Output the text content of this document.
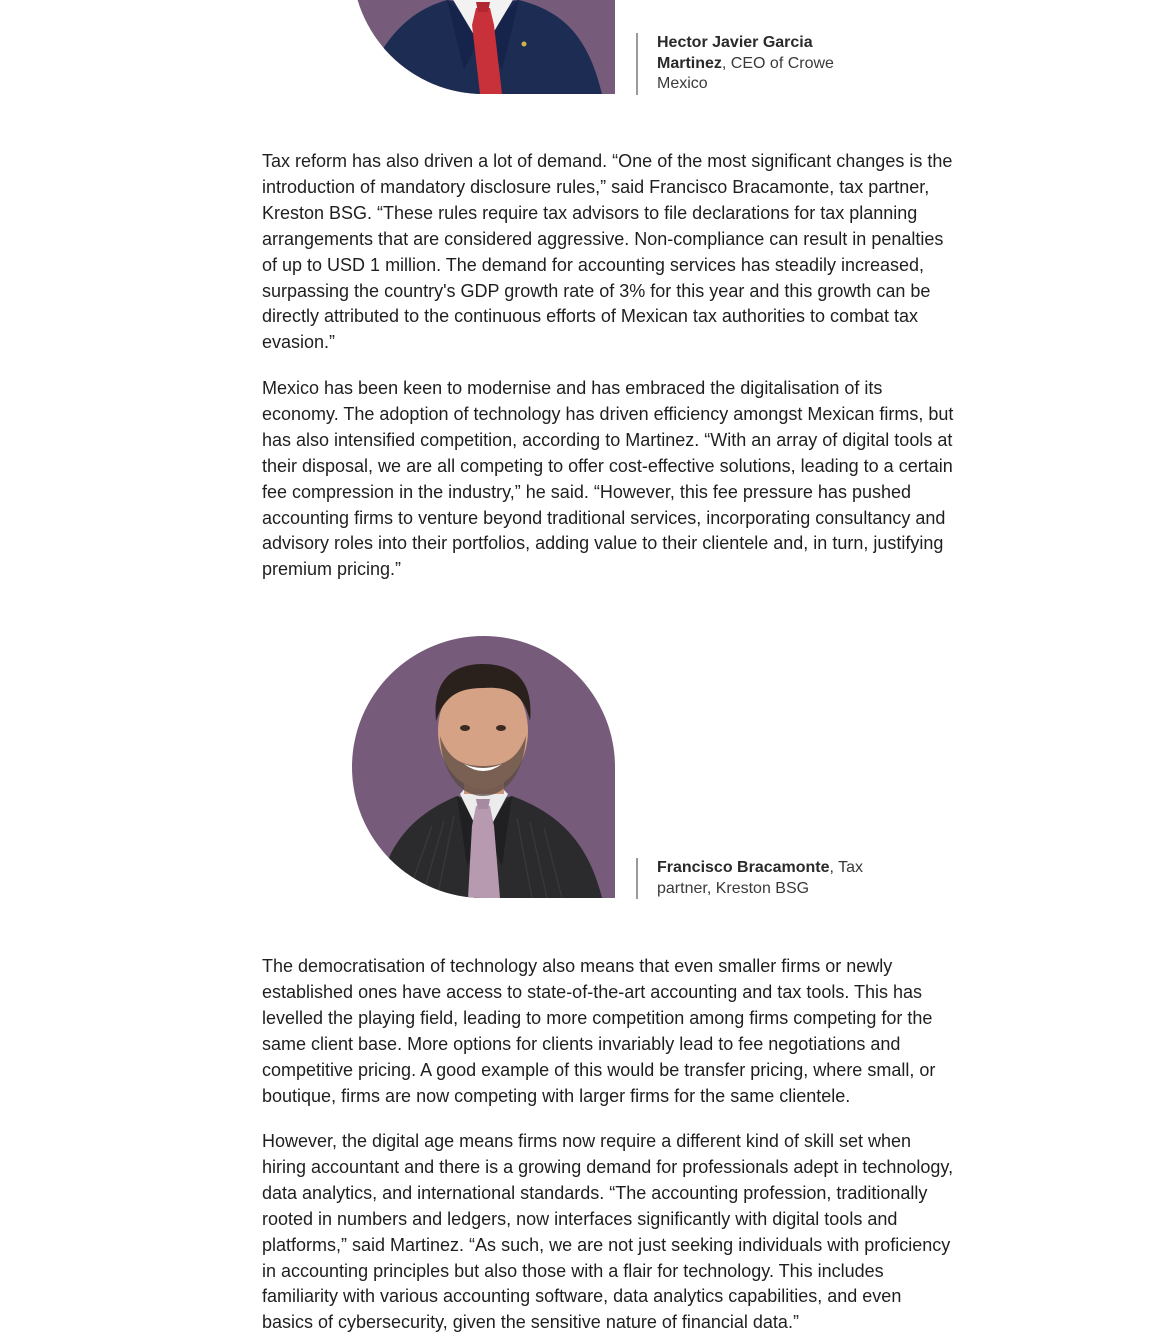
Hector Javier Garcia Martinez, CEO of Crowe Mexico

Tax reform has also driven a lot of demand. “One of the most significant changes is the introduction of mandatory disclosure rules,” said Francisco Bracamonte, tax partner, Kreston BSG. “These rules require tax advisors to file declarations for tax planning arrangements that are considered aggressive. Non-compliance can result in penalties of up to USD 1 million. The demand for accounting services has steadily increased, surpassing the country's GDP growth rate of 3% for this year and this growth can be directly attributed to the continuous efforts of Mexican tax authorities to combat tax evasion.”

Mexico has been keen to modernise and has embraced the digitalisation of its economy. The adoption of technology has driven efficiency amongst Mexican firms, but has also intensified competition, according to Martinez. “With an array of digital tools at their disposal, we are all competing to offer cost-effective solutions, leading to a certain fee compression in the industry,” he said. “However, this fee pressure has pushed accounting firms to venture beyond traditional services, incorporating consultancy and advisory roles into their portfolios, adding value to their clientele and, in turn, justifying premium pricing.”

Francisco Bracamonte, Tax partner, Kreston BSG

The democratisation of technology also means that even smaller firms or newly established ones have access to state-of-the-art accounting and tax tools. This has levelled the playing field, leading to more competition among firms competing for the same client base. More options for clients invariably lead to fee negotiations and competitive pricing. A good example of this would be transfer pricing, where small, or boutique, firms are now competing with larger firms for the same clientele.

However, the digital age means firms now require a different kind of skill set when hiring accountant and there is a growing demand for professionals adept in technology, data analytics, and international standards. “The accounting profession, traditionally rooted in numbers and ledgers, now interfaces significantly with digital tools and platforms,” said Martinez. “As such, we are not just seeking individuals with proficiency in accounting principles but also those with a flair for technology. This includes familiarity with various accounting software, data analytics capabilities, and even basics of cybersecurity, given the sensitive nature of financial data.”
